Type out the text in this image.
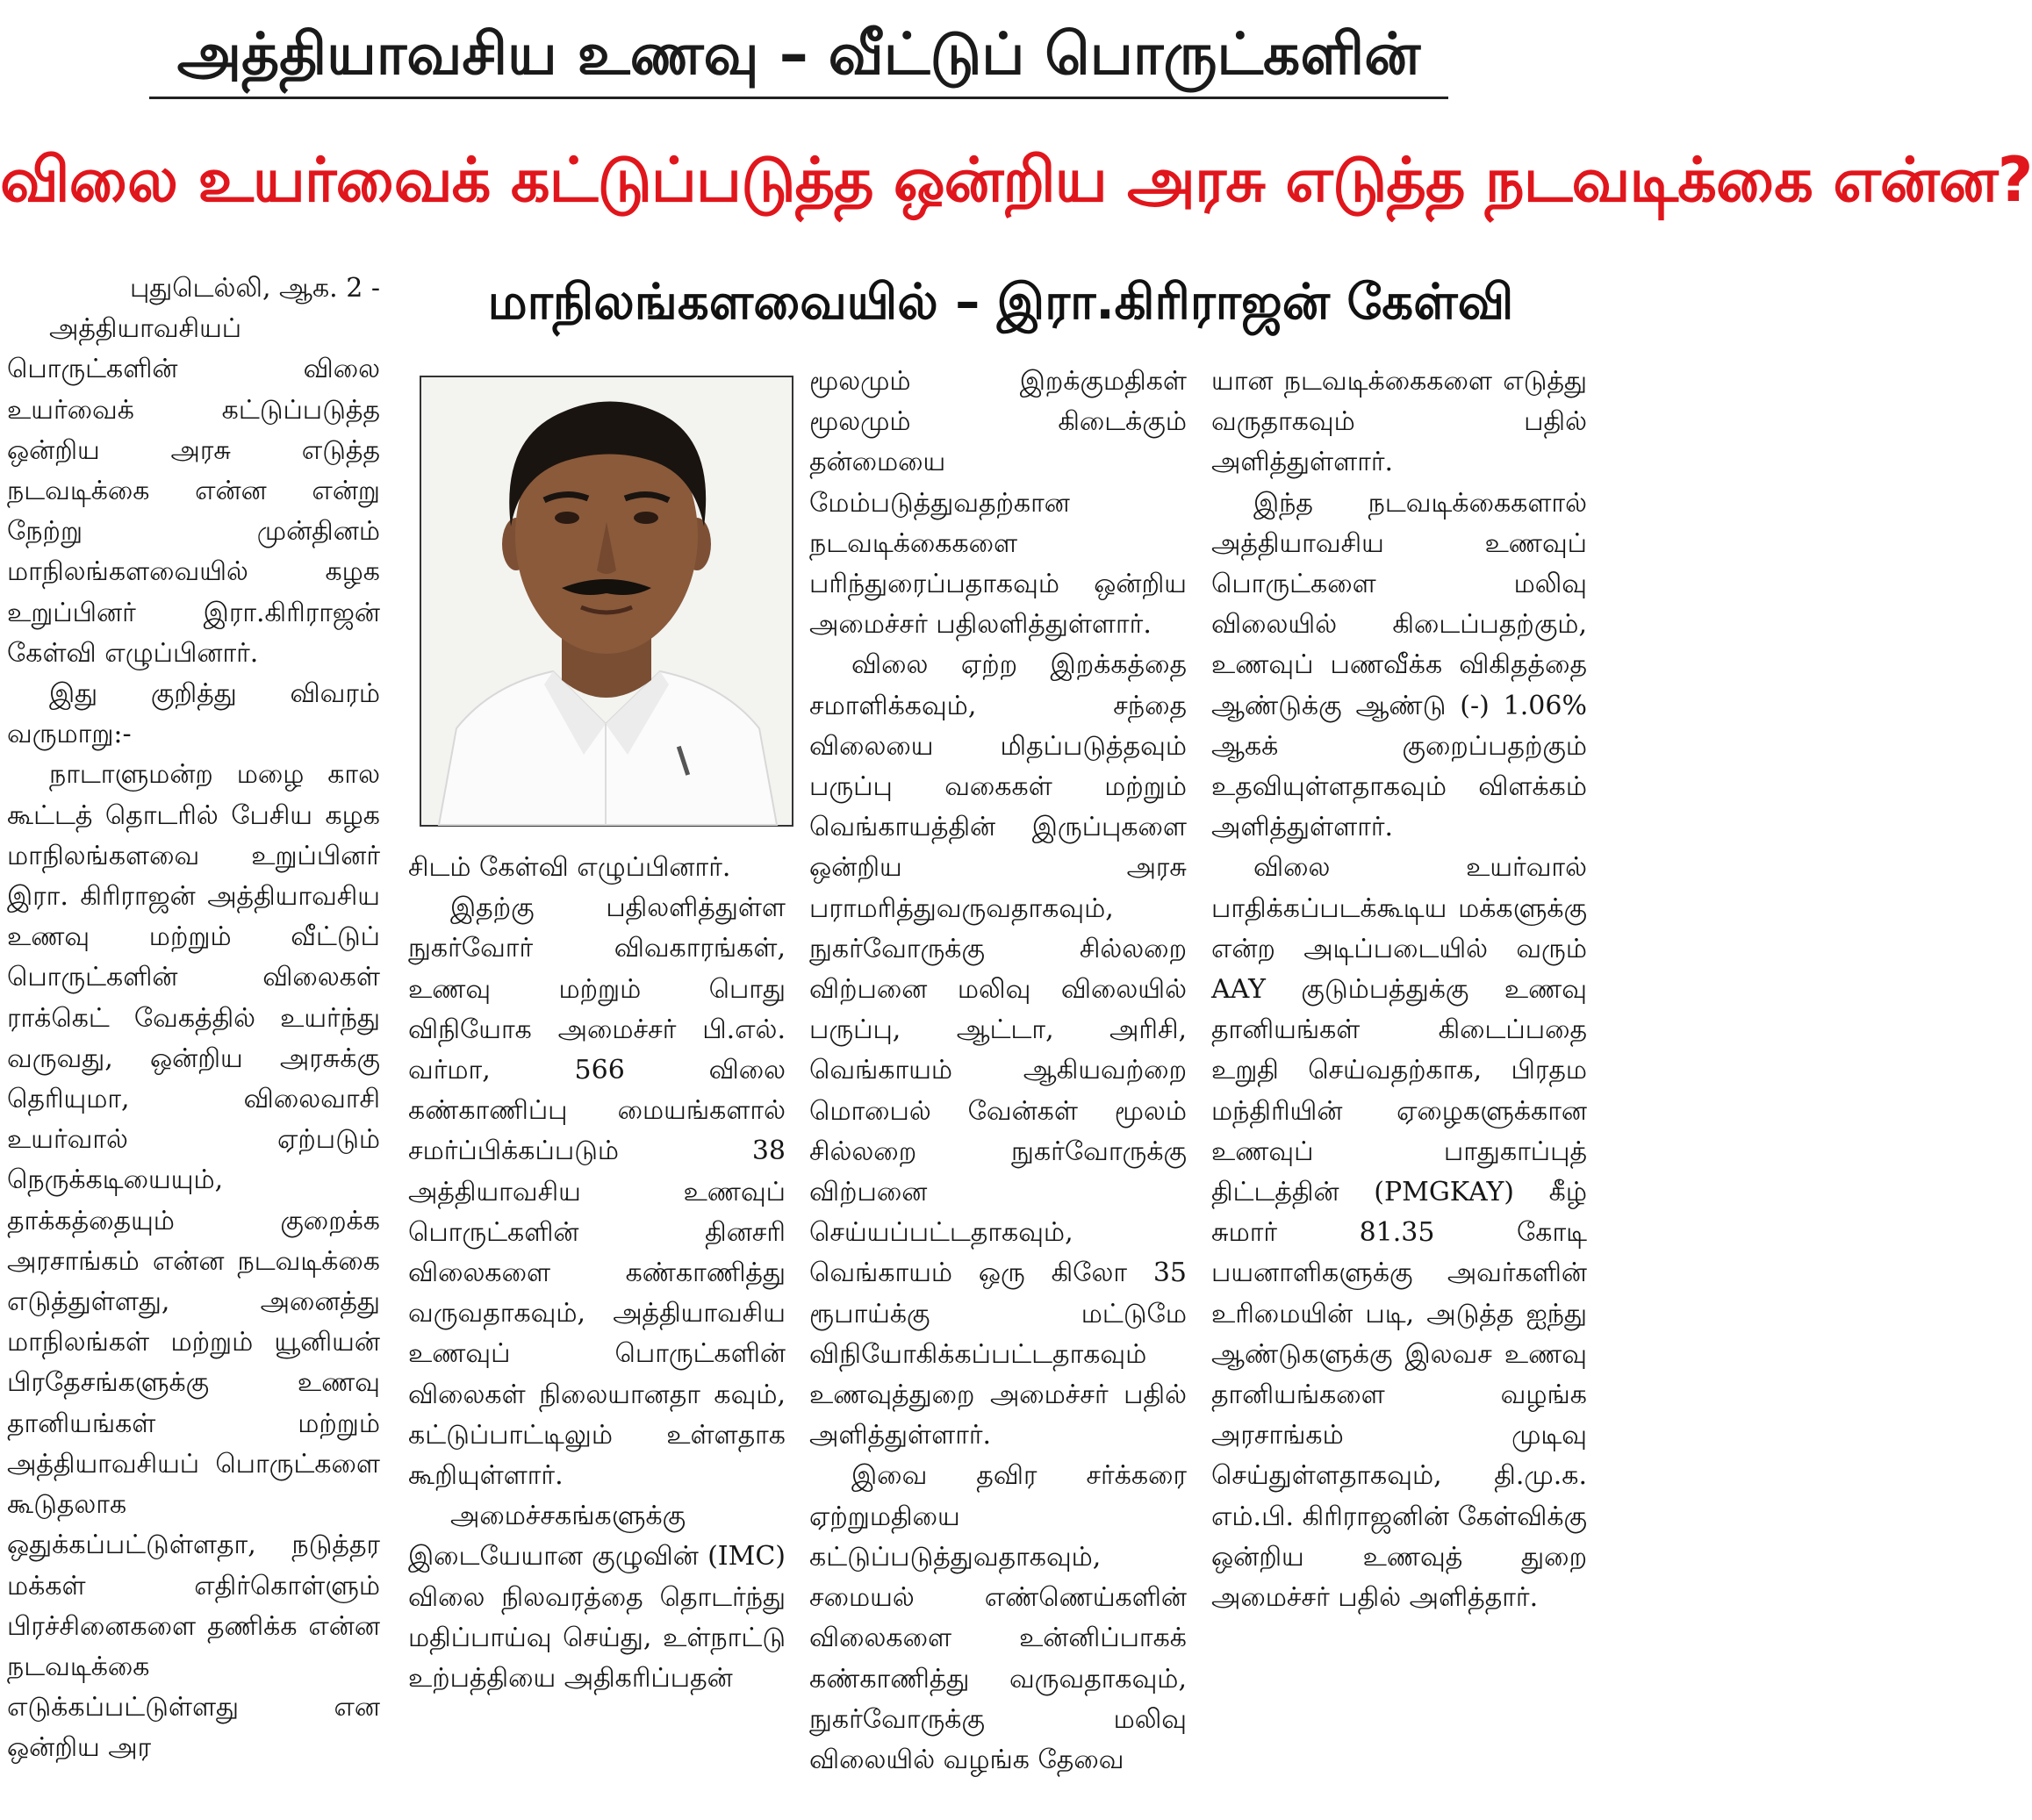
அத்தியாவசிய உணவு – வீட்டுப் பொருட்களின்
விலை உயர்வைக் கட்டுப்படுத்த ஒன்றிய அரசு எடுத்த நடவடிக்கை என்ன?
மாநிலங்களவையில் – இரா.கிரிராஜன் கேள்வி

புதுடெல்லி, ஆக. 2 -

அத்தியாவசியப் பொருட்களின் விலை உயர்வைக் கட்டுப்படுத்த ஒன்றிய அரசு எடுத்த நடவடிக்கை என்ன என்று நேற்று முன்தினம் மாநிலங்களவையில் கழக உறுப்பினர் இரா.கிரிராஜன் கேள்வி எழுப்பினார்.

இது குறித்து விவரம் வருமாறு:-

நாடாளுமன்ற மழை கால கூட்டத் தொடரில் பேசிய கழக மாநிலங்களவை உறுப்பினர் இரா. கிரிராஜன் அத்தியாவசிய உணவு மற்றும் வீட்டுப் பொருட்களின் விலைகள் ராக்கெட் வேகத்தில் உயர்ந்து வருவது, ஒன்றிய அரசுக்கு தெரியுமா, விலைவாசி உயர்வால் ஏற்படும் நெருக்கடியையும், தாக்கத்தையும் குறைக்க அரசாங்கம் என்ன நடவடிக்கை எடுத்துள்ளது, அனைத்து மாநிலங்கள் மற்றும் யூனியன் பிரதேசங்களுக்கு உணவு தானியங்கள் மற்றும் அத்தியாவசியப் பொருட்களை கூடுதலாக ஒதுக்கப்பட்டுள்ளதா, நடுத்தர மக்கள் எதிர்கொள்ளும் பிரச்சினைகளை தணிக்க என்ன நடவடிக்கை எடுக்கப்பட்டுள்ளது என ஒன்றிய அர

சிடம் கேள்வி எழுப்பினார்.

இதற்கு பதிலளித்துள்ள நுகர்வோர் விவகாரங்கள், உணவு மற்றும் பொது விநியோக அமைச்சர் பி.எல். வர்மா, 566 விலை கண்காணிப்பு மையங்களால் சமர்ப்பிக்கப்படும் 38 அத்தியாவசிய உணவுப் பொருட்களின் தினசரி விலைகளை கண்காணித்து வருவதாகவும், அத்தியாவசிய உணவுப் பொருட்களின் விலைகள் நிலையானதா கவும், கட்டுப்பாட்டிலும் உள்ளதாக கூறியுள்ளார்.

அமைச்சகங்களுக்கு இடையேயான குழுவின் (IMC) விலை நிலவரத்தை தொடர்ந்து மதிப்பாய்வு செய்து, உள்நாட்டு உற்பத்தியை அதிகரிப்பதன்

மூலமும் இறக்குமதிகள் மூலமும் கிடைக்கும் தன்மையை மேம்படுத்துவதற்கான நடவடிக்கைகளை பரிந்துரைப்பதாகவும் ஒன்றிய அமைச்சர் பதிலளித்துள்ளார்.

விலை ஏற்ற இறக்கத்தை சமாளிக்கவும், சந்தை விலையை மிதப்படுத்தவும் பருப்பு வகைகள் மற்றும் வெங்காயத்தின் இருப்புகளை ஒன்றிய அரசு பராமரித்துவருவதாகவும், நுகர்வோருக்கு சில்லறை விற்பனை மலிவு விலையில் பருப்பு, ஆட்டா, அரிசி, வெங்காயம் ஆகியவற்றை மொபைல் வேன்கள் மூலம் சில்லறை நுகர்வோருக்கு விற்பனை செய்யப்பட்டதாகவும், வெங்காயம் ஒரு கிலோ 35 ரூபாய்க்கு மட்டுமே விநியோகிக்கப்பட்டதாகவும் உணவுத்துறை அமைச்சர் பதில் அளித்துள்ளார்.

இவை தவிர சர்க்கரை ஏற்றுமதியை கட்டுப்படுத்துவதாகவும், சமையல் எண்ணெய்களின் விலைகளை உன்னிப்பாகக் கண்காணித்து வருவதாகவும், நுகர்வோருக்கு மலிவு விலையில் வழங்க தேவை

யான நடவடிக்கைகளை எடுத்து வருதாகவும் பதில் அளித்துள்ளார்.

இந்த நடவடிக்கைகளால் அத்தியாவசிய உணவுப் பொருட்களை மலிவு விலையில் கிடைப்பதற்கும், உணவுப் பணவீக்க விகிதத்தை ஆண்டுக்கு ஆண்டு (-) 1.06% ஆகக் குறைப்பதற்கும் உதவியுள்ளதாகவும் விளக்கம் அளித்துள்ளார்.

விலை உயர்வால் பாதிக்கப்படக்கூடிய மக்களுக்கு என்ற அடிப்படையில் வரும் AAY குடும்பத்துக்கு உணவு தானியங்கள் கிடைப்பதை உறுதி செய்வதற்காக, பிரதம மந்திரியின் ஏழைகளுக்கான உணவுப் பாதுகாப்புத் திட்டத்தின் (PMGKAY) கீழ் சுமார் 81.35 கோடி பயனாளிகளுக்கு அவர்களின் உரிமையின் படி, அடுத்த ஐந்து ஆண்டுகளுக்கு இலவச உணவு தானியங்களை வழங்க அரசாங்கம் முடிவு செய்துள்ளதாகவும், தி.மு.க. எம்.பி. கிரிராஜனின் கேள்விக்கு ஒன்றிய உணவுத் துறை அமைச்சர் பதில் அளித்தார்.
